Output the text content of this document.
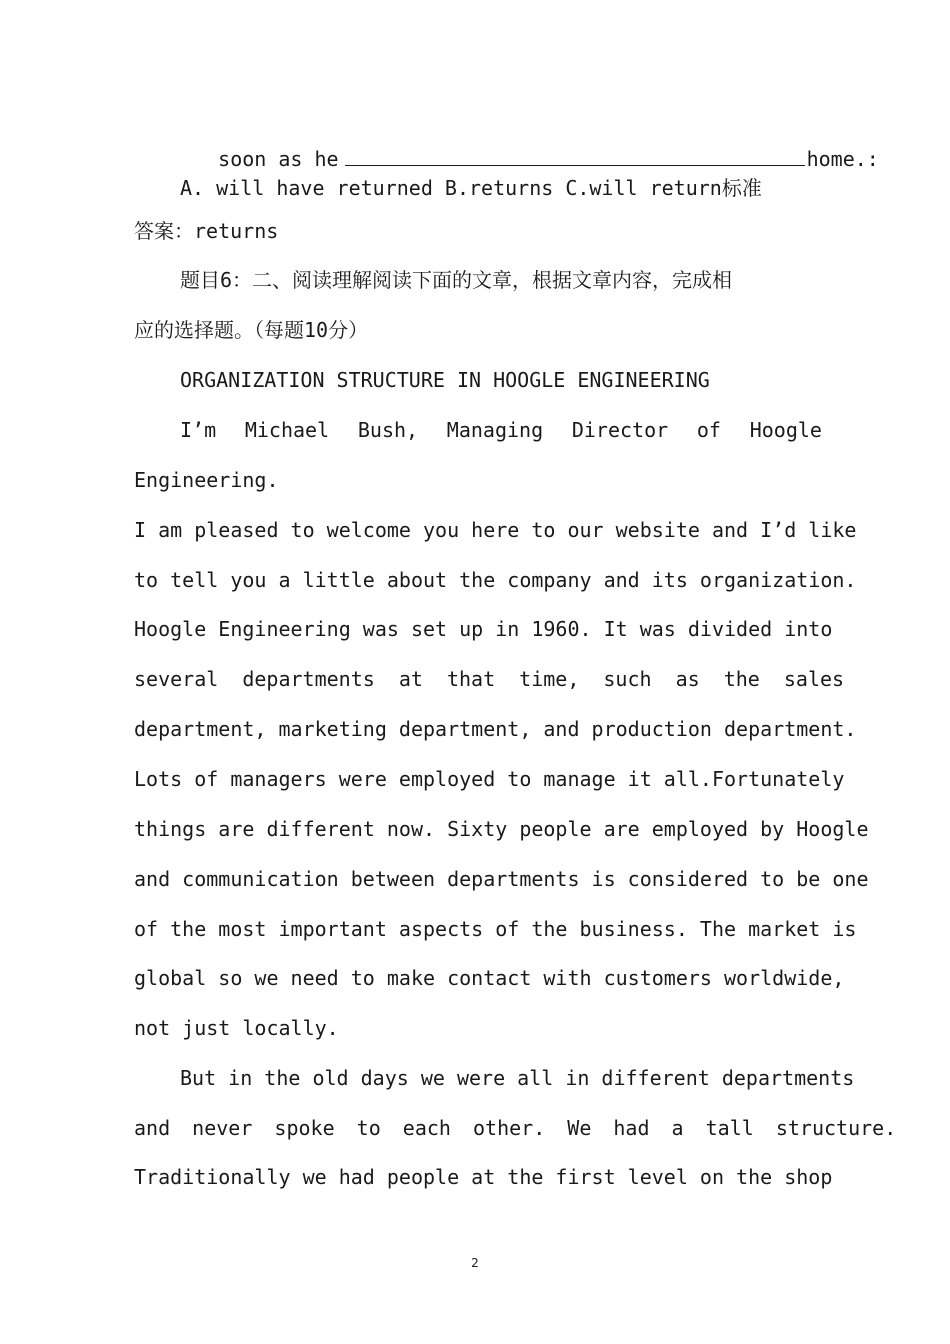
soon as he	home.:

A. will have returned B.returns C.will return标准
答案：returns
题目6：二、阅读理解阅读下面的文章，根据文章内容，完成相
应的选择题。（每题10分）
ORGANIZATION STRUCTURE IN HOOGLE ENGINEERING
I’m Michael Bush, Managing Director of Hoogle
Engineering.
I am pleased to welcome you here to our website and I’d like
to tell you a little about the company and its organization.
Hoogle Engineering was set up in 1960. It was divided into
several departments at that time, such as the sales
department, marketing department, and production department.
Lots of managers were employed to manage it all.Fortunately
things are different now. Sixty people are employed by Hoogle
and communication between departments is considered to be one
of the most important aspects of the business. The market is
global so we need to make contact with customers worldwide,
not just locally.
But in the old days we were all in different departments
and never spoke to each other. We had a tall structure.
Traditionally we had people at the first level on the shop
2
